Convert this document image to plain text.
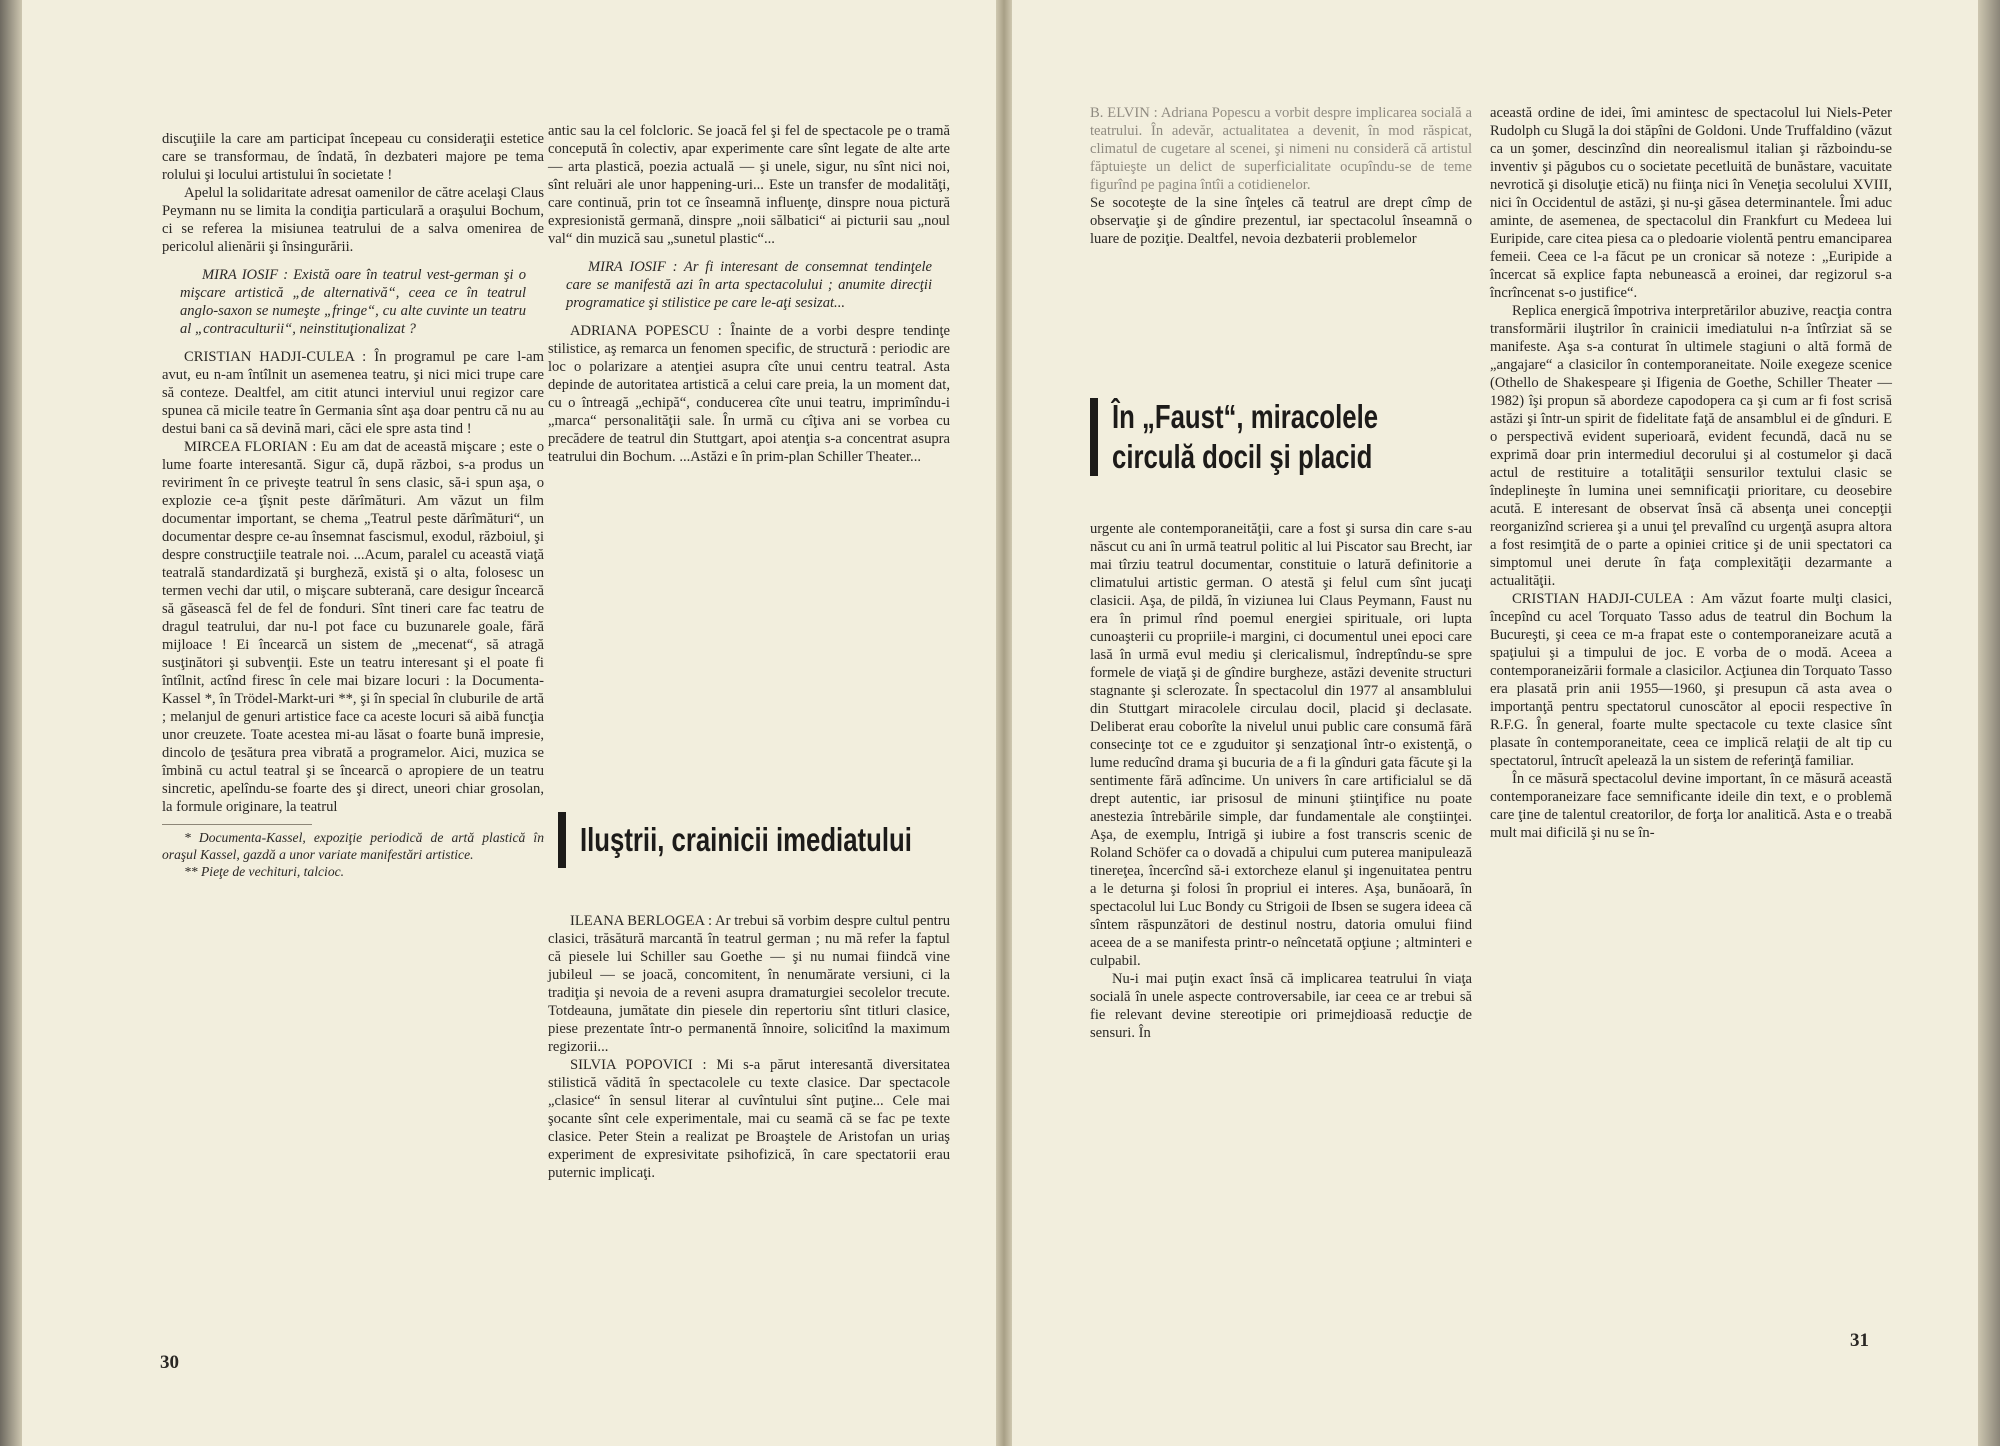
discuţiile la care am participat începeau cu consideraţii estetice care se transformau, de îndată, în dezbateri majore pe tema rolului şi locului artistului în societate !

Apelul la solidaritate adresat oamenilor de către acelaşi Claus Peymann nu se limita la condiţia particulară a oraşului Bochum, ci se referea la misiunea teatrului de a salva omenirea de pericolul alienării şi însingurării.

MIRA IOSIF : Există oare în teatrul vest-german şi o mişcare artistică „de alternativă“, ceea ce în teatrul anglo-saxon se numeşte „fringe“, cu alte cuvinte un teatru al „contraculturii“, neinstituţionalizat ?

CRISTIAN HADJI-CULEA : În programul pe care l-am avut, eu n-am întîlnit un asemenea teatru, şi nici mici trupe care să conteze. Dealtfel, am citit atunci interviul unui regizor care spunea că micile teatre în Germania sînt aşa doar pentru că nu au destui bani ca să devină mari, căci ele spre asta tind !

MIRCEA FLORIAN : Eu am dat de această mişcare ; este o lume foarte interesantă. Sigur că, după război, s-a produs un reviriment în ce priveşte teatrul în sens clasic, să-i spun aşa, o explozie ce-a ţîşnit peste dărîmături. Am văzut un film documentar important, se chema „Teatrul peste dărîmături“, un documentar despre ce-au însemnat fascismul, exodul, războiul, şi despre construcţiile teatrale noi. ...Acum, paralel cu această viaţă teatrală standardizată şi burgheză, există şi o alta, folosesc un termen vechi dar util, o mişcare subterană, care desigur încearcă să găsească fel de fel de fonduri. Sînt tineri care fac teatru de dragul teatrului, dar nu-l pot face cu buzunarele goale, fără mijloace ! Ei încearcă un sistem de „mecenat“, să atragă susţinători şi subvenţii. Este un teatru interesant şi el poate fi întîlnit, actînd firesc în cele mai bizare locuri : la Documenta-Kassel *, în Trödel-Markt-uri **, şi în special în cluburile de artă ; melanjul de genuri artistice face ca aceste locuri să aibă funcţia unor creuzete. Toate acestea mi-au lăsat o foarte bună impresie, dincolo de ţesătura prea vibrată a programelor. Aici, muzica se îmbină cu actul teatral şi se încearcă o apropiere de un teatru sincretic, apelîndu-se foarte des şi direct, uneori chiar grosolan, la formule originare, la teatrul

* Documenta-Kassel, expoziţie periodică de artă plastică în oraşul Kassel, gazdă a unor variate manifestări artistice.

** Pieţe de vechituri, talcioc.

antic sau la cel folcloric. Se joacă fel şi fel de spectacole pe o tramă concepută în colectiv, apar experimente care sînt legate de alte arte — arta plastică, poezia actuală — şi unele, sigur, nu sînt nici noi, sînt reluări ale unor happening-uri... Este un transfer de modalităţi, care continuă, prin tot ce înseamnă influenţe, dinspre noua pictură expresionistă germană, dinspre „noii sălbatici“ ai picturii sau „noul val“ din muzică sau „sunetul plastic“...

MIRA IOSIF : Ar fi interesant de consemnat tendinţele care se manifestă azi în arta spectacolului ; anumite direcţii programatice şi stilistice pe care le-aţi sesizat...

ADRIANA POPESCU : Înainte de a vorbi despre tendinţe stilistice, aş remarca un fenomen specific, de structură : periodic are loc o polarizare a atenţiei asupra cîte unui centru teatral. Asta depinde de autoritatea artistică a celui care preia, la un moment dat, cu o întreagă „echipă“, conducerea cîte unui teatru, imprimîndu-i „marca“ personalităţii sale. În urmă cu cîţiva ani se vorbea cu precădere de teatrul din Stuttgart, apoi atenţia s-a concentrat asupra teatrului din Bochum. ...Astăzi e în prim-plan Schiller Theater...

Iluştrii, crainicii imediatului

ILEANA BERLOGEA : Ar trebui să vorbim despre cultul pentru clasici, trăsătură marcantă în teatrul german ; nu mă refer la faptul că piesele lui Schiller sau Goethe — şi nu numai fiindcă vine jubileul — se joacă, concomitent, în nenumărate versiuni, ci la tradiţia şi nevoia de a reveni asupra dramaturgiei secolelor trecute. Totdeauna, jumătate din piesele din repertoriu sînt titluri clasice, piese prezentate într-o permanentă înnoire, solicitînd la maximum regizorii...

SILVIA POPOVICI : Mi s-a părut interesantă diversitatea stilistică vădită în spectacolele cu texte clasice. Dar spectacole „clasice“ în sensul literar al cuvîntului sînt puţine... Cele mai şocante sînt cele experimentale, mai cu seamă că se fac pe texte clasice. Peter Stein a realizat pe Broaştele de Aristofan un uriaş experiment de expresivitate psihofizică, în care spectatorii erau puternic implicaţi.

30

B. ELVIN : Adriana Popescu a vorbit despre implicarea socială a teatrului. În adevăr, actualitatea a devenit, în mod răspicat, climatul de cugetare al scenei, şi nimeni nu consideră că artistul făptuieşte un delict de superficialitate ocupîndu-se de teme figurînd pe pagina întîi a cotidienelor.

Se socoteşte de la sine înţeles că teatrul are drept cîmp de observaţie şi de gîndire prezentul, iar spectacolul înseamnă o luare de poziţie. Dealtfel, nevoia dezbaterii problemelor

În „Faust“, miracolele
circulă docil şi placid

urgente ale contemporaneităţii, care a fost şi sursa din care s-au născut cu ani în urmă teatrul politic al lui Piscator sau Brecht, iar mai tîrziu teatrul documentar, constituie o latură definitorie a climatului artistic german. O atestă şi felul cum sînt jucaţi clasicii. Aşa, de pildă, în viziunea lui Claus Peymann, Faust nu era în primul rînd poemul energiei spirituale, ori lupta cunoaşterii cu propriile-i margini, ci documentul unei epoci care lasă în urmă evul mediu şi clericalismul, îndreptîndu-se spre formele de viaţă şi de gîndire burgheze, astăzi devenite structuri stagnante şi sclerozate. În spectacolul din 1977 al ansamblului din Stuttgart miracolele circulau docil, placid şi declasate. Deliberat erau coborîte la nivelul unui public care consumă fără consecinţe tot ce e zguduitor şi senzaţional într-o existenţă, o lume reducînd drama şi bucuria de a fi la gînduri gata făcute şi la sentimente fără adîncime. Un univers în care artificialul se dă drept autentic, iar prisosul de minuni ştiinţifice nu poate anestezia întrebările simple, dar fundamentale ale conştiinţei. Aşa, de exemplu, Intrigă şi iubire a fost transcris scenic de Roland Schöfer ca o dovadă a chipului cum puterea manipulează tinereţea, încercînd să-i extorcheze elanul şi ingenuitatea pentru a le deturna şi folosi în propriul ei interes. Aşa, bunăoară, în spectacolul lui Luc Bondy cu Strigoii de Ibsen se sugera ideea că sîntem răspunzători de destinul nostru, datoria omului fiind aceea de a se manifesta printr-o neîncetată opţiune ; altminteri e culpabil.

Nu-i mai puţin exact însă că implicarea teatrului în viaţa socială în unele aspecte controversabile, iar ceea ce ar trebui să fie relevant devine stereotipie ori primejdioasă reducţie de sensuri. În

această ordine de idei, îmi amintesc de spectacolul lui Niels-Peter Rudolph cu Slugă la doi stăpîni de Goldoni. Unde Truffaldino (văzut ca un şomer, descinzînd din neorealismul italian şi războindu-se inventiv şi păgubos cu o societate pecetluită de bunăstare, vacuitate nevrotică şi disoluţie etică) nu fiinţa nici în Veneţia secolului XVIII, nici în Occidentul de astăzi, şi nu-şi găsea determinantele. Îmi aduc aminte, de asemenea, de spectacolul din Frankfurt cu Medeea lui Euripide, care citea piesa ca o pledoarie violentă pentru emanciparea femeii. Ceea ce l-a făcut pe un cronicar să noteze : „Euripide a încercat să explice fapta nebunească a eroinei, dar regizorul s-a încrîncenat s-o justifice“.

Replica energică împotriva interpretărilor abuzive, reacţia contra transformării iluştrilor în crainicii imediatului n-a întîrziat să se manifeste. Aşa s-a conturat în ultimele stagiuni o altă formă de „angajare“ a clasicilor în contemporaneitate. Noile exegeze scenice (Othello de Shakespeare şi Ifigenia de Goethe, Schiller Theater — 1982) îşi propun să abordeze capodopera ca şi cum ar fi fost scrisă astăzi şi într-un spirit de fidelitate faţă de ansamblul ei de gînduri. E o perspectivă evident superioară, evident fecundă, dacă nu se exprimă doar prin intermediul decorului şi al costumelor şi dacă actul de restituire a totalităţii sensurilor textului clasic se îndeplineşte în lumina unei semnificaţii prioritare, cu deosebire acută. E interesant de observat însă că absenţa unei concepţii reorganizînd scrierea şi a unui ţel prevalînd cu urgenţă asupra altora a fost resimţită de o parte a opiniei critice şi de unii spectatori ca simptomul unei derute în faţa complexităţii dezarmante a actualităţii.

CRISTIAN HADJI-CULEA : Am văzut foarte mulţi clasici, începînd cu acel Torquato Tasso adus de teatrul din Bochum la Bucureşti, şi ceea ce m-a frapat este o contemporaneizare acută a spaţiului şi a timpului de joc. E vorba de o modă. Aceea a contemporaneizării formale a clasicilor. Acţiunea din Torquato Tasso era plasată prin anii 1955—1960, şi presupun că asta avea o importanţă pentru spectatorul cunoscător al epocii respective în R.F.G. În general, foarte multe spectacole cu texte clasice sînt plasate în contemporaneitate, ceea ce implică relaţii de alt tip cu spectatorul, întrucît apelează la un sistem de referinţă familiar.

În ce măsură spectacolul devine important, în ce măsură această contemporaneizare face semnificante ideile din text, e o problemă care ţine de talentul creatorilor, de forţa lor analitică. Asta e o treabă mult mai dificilă şi nu se în-

31
